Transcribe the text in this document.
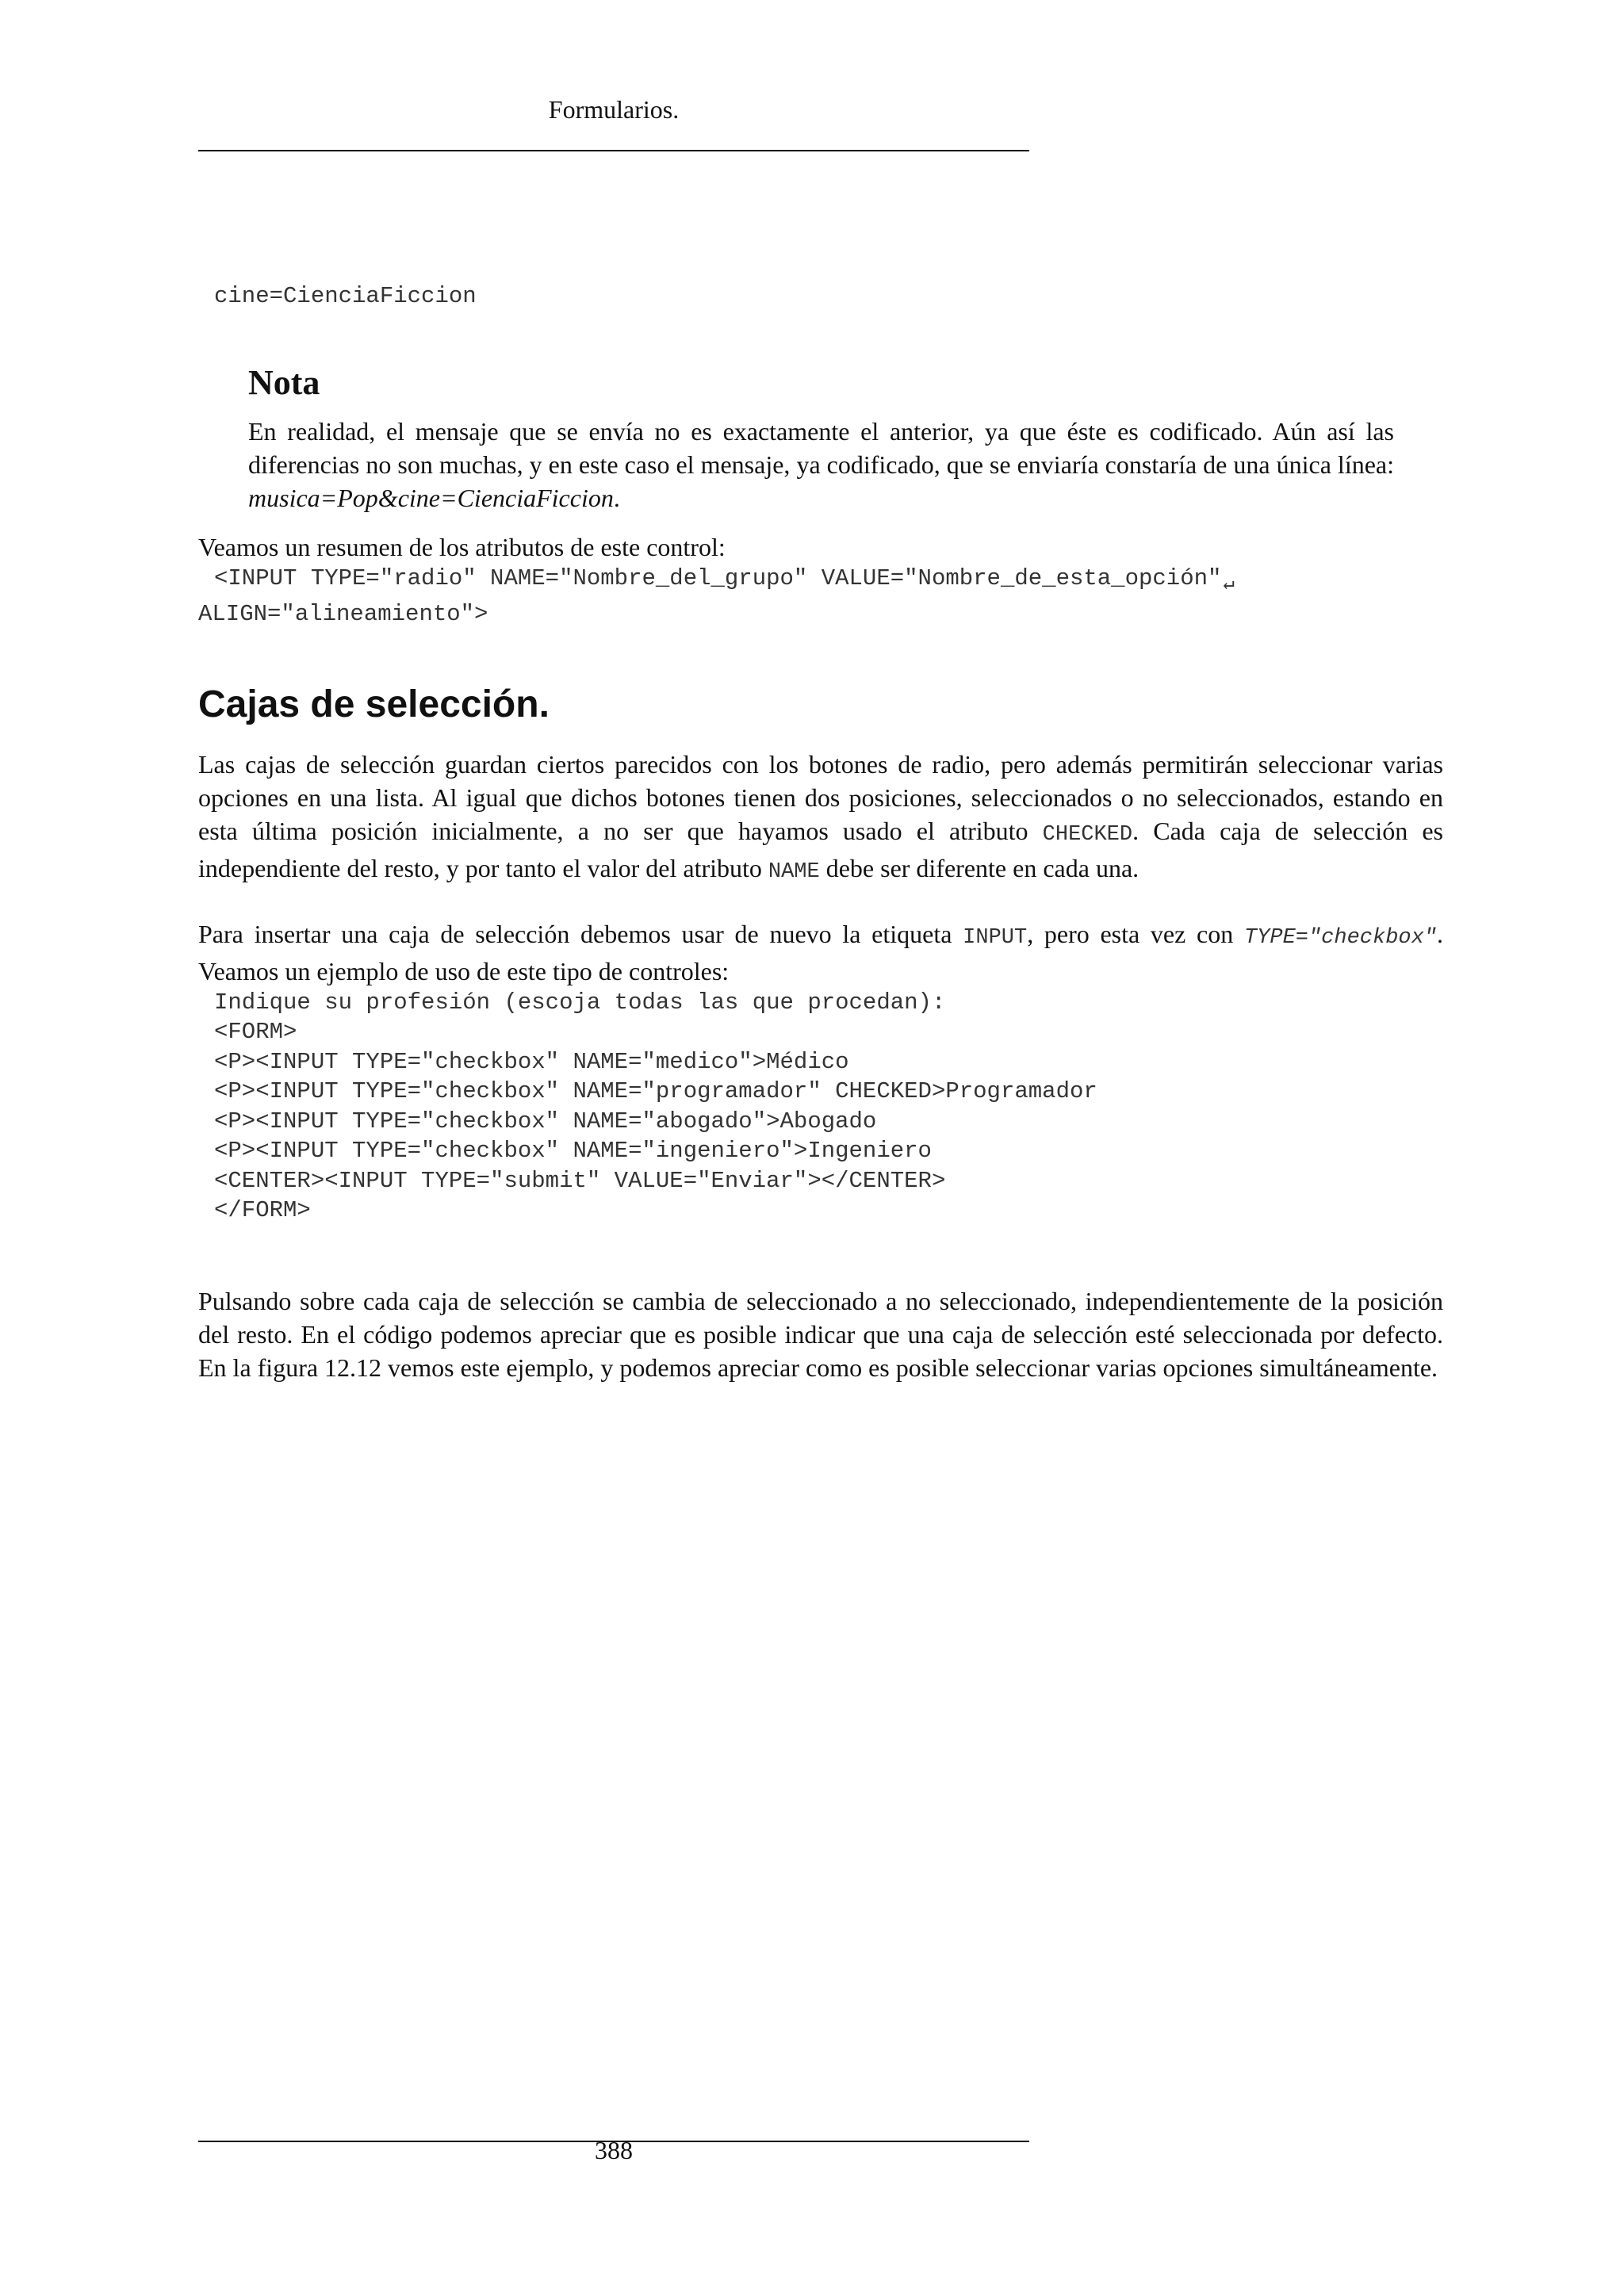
Formularios.
cine=CienciaFiccion
Nota

En realidad, el mensaje que se envía no es exactamente el anterior, ya que éste es codificado. Aún así las diferencias no son muchas, y en este caso el mensaje, ya codificado, que se enviaría constaría de una única línea: musica=Pop&cine=CienciaFiccion.

Veamos un resumen de los atributos de este control:

<INPUT TYPE="radio" NAME="Nombre_del_grupo" VALUE="Nombre_de_esta_opción"↵
ALIGN="alineamiento">
Cajas de selección.

Las cajas de selección guardan ciertos parecidos con los botones de radio, pero además permitirán seleccionar varias opciones en una lista. Al igual que dichos botones tienen dos posiciones, seleccionados o no seleccionados, estando en esta última posición inicialmente, a no ser que hayamos usado el atributo CHECKED. Cada caja de selección es independiente del resto, y por tanto el valor del atributo NAME debe ser diferente en cada una.

Para insertar una caja de selección debemos usar de nuevo la etiqueta INPUT, pero esta vez con TYPE="checkbox". Veamos un ejemplo de uso de este tipo de controles:

Indique su profesión (escoja todas las que procedan):
<FORM>
<P><INPUT TYPE="checkbox" NAME="medico">Médico
<P><INPUT TYPE="checkbox" NAME="programador" CHECKED>Programador
<P><INPUT TYPE="checkbox" NAME="abogado">Abogado
<P><INPUT TYPE="checkbox" NAME="ingeniero">Ingeniero
<CENTER><INPUT TYPE="submit" VALUE="Enviar"></CENTER>
</FORM>

Pulsando sobre cada caja de selección se cambia de seleccionado a no seleccionado, independientemente de la posición del resto. En el código podemos apreciar que es posible indicar que una caja de selección esté seleccionada por defecto. En la figura 12.12 vemos este ejemplo, y podemos apreciar como es posible seleccionar varias opciones simultáneamente.

388
